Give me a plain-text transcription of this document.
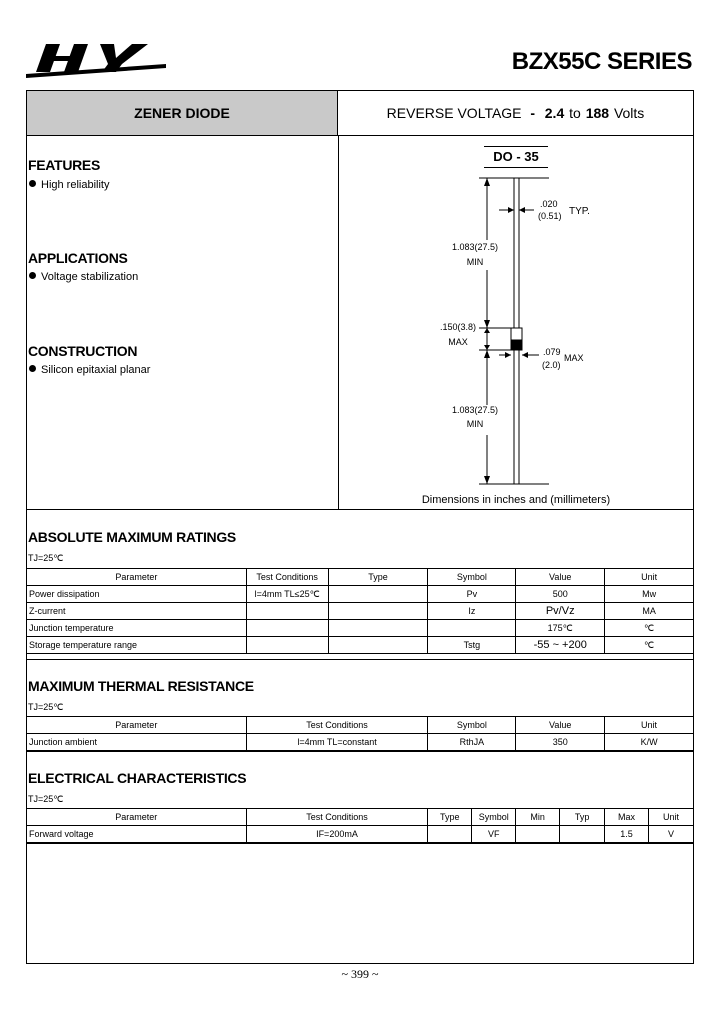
BZX55C SERIES
ZENER DIODE	REVERSE VOLTAGE
-
2.4
to
188
Volts
FEATURES
High reliability
APPLICATIONS
Voltage stabilization
CONSTRUCTION
Silicon epitaxial planar
DO - 35
.020
(0.51) TYP.
1.083(27.5)
MIN
.150(3.8)
MAX
.079
(2.0)
MAX
1.083(27.5)
MIN
Dimensions in inches and (millimeters)
ABSOLUTE MAXIMUM RATINGS
TJ=25℃
Parameter	Test Conditions	Type	Symbol	Value	Unit
Power dissipation	l=4mm TL≤25℃		Pv	500	Mw
Z-current			Iz	Pv/Vz	MA
Junction temperature				175℃	℃
Storage temperature range			Tstg	-55 ~ +200	℃
MAXIMUM THERMAL RESISTANCE
TJ=25℃
Parameter	Test Conditions	Symbol	Value	Unit
Junction ambient	l=4mm TL=constant	RthJA	350	K/W
ELECTRICAL CHARACTERISTICS
TJ=25℃
Parameter	Test Conditions	Type	Symbol	Min	Typ	Max	Unit
Forward voltage	IF=200mA		VF			1.5	V
~ 399 ~
